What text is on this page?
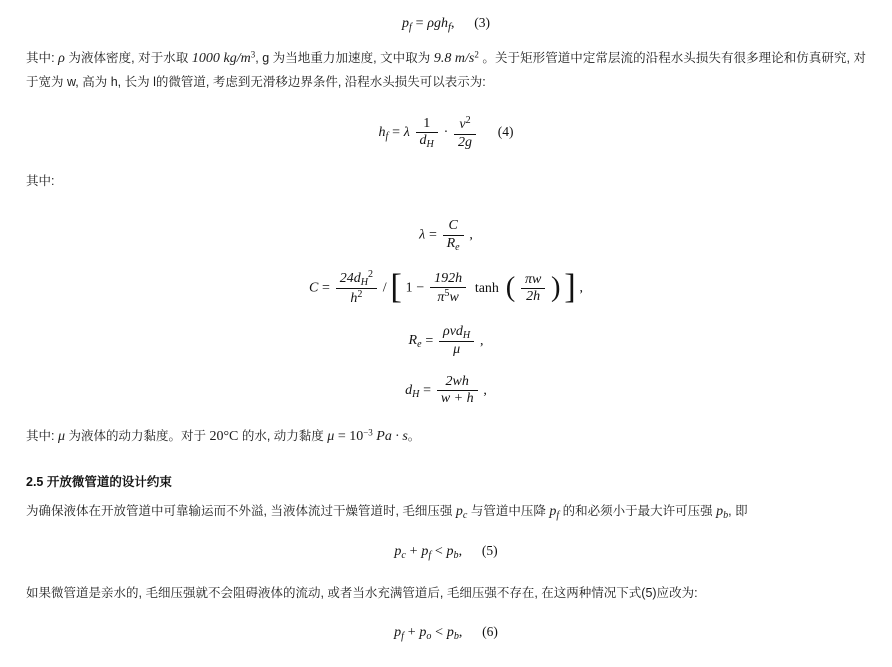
$p_f = \rho gh_f$, (3)
其中: ρ 为液体密度, 对于水取 1000 $kg/m^3$, g 为当地重力加速度, 文中取为 9.8 $m/s^2$ 。关于矩形管道中定常层流的沿程水头损失有很多理论和仿真研究, 对于宽为 w, 高为 h, 长为 l的微管道, 考虑到无滑移边界条件, 沿程水头损失可以表示为:
$h_f = \lambda \frac{1}{d_H} \cdot \frac{v^2}{2g} (4)$
其中:
$\lambda = \frac{C}{R_e}$ ,
$C = \frac{24d_H^2}{h^2}$ / [ $1 - \frac{192h}{\pi^5w}$ tanh ( $\frac{\pi w}{2h}$ ) ] ,
$R_e = \frac{\rho vd_H}{\mu}$ ,
$d_H = \frac{2wh}{w + h}$ ,
其中: μ 为液体的动力黏度。对于 20°C 的水, 动力黏度 $\mu = 10^{-3}$ Pa · s。
2.5 开放微管道的设计约束
为确保液体在开放管道中可靠输运而不外溢, 当液体流过干燥管道时, 毛细压强 $p_c$ 与管道中压降 $p_f$ 的和必须小于最大许可压强 $p_b$, 即
$p_c + p_f < p_b$, (5)
如果微管道是亲水的, 毛细压强就不会阻碍液体的流动, 或者当水充满管道后, 毛细压强不存在, 在这两种情况下式(5)应改为:
$p_f + p_o < p_b$, (6)
